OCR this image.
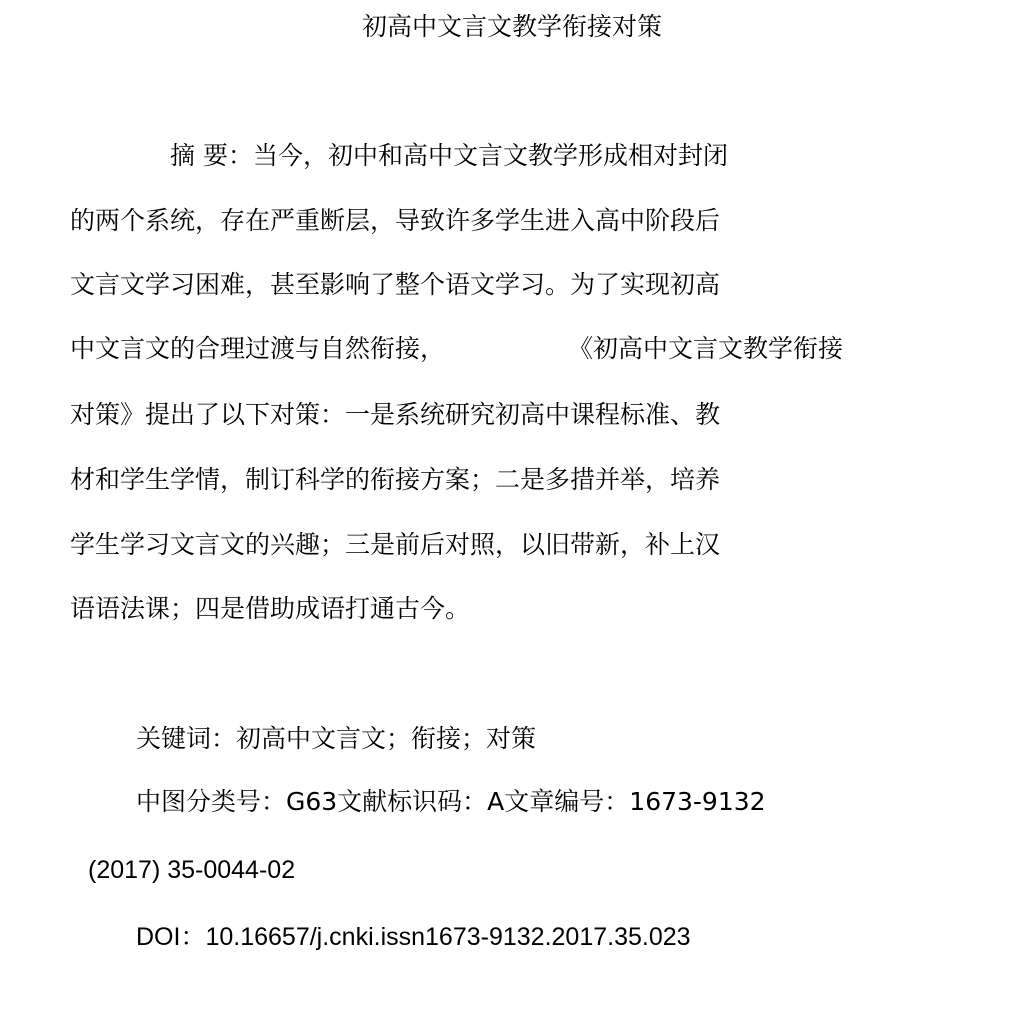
初高中文言文教学衔接对策
摘 要：当今，初中和高中文言文教学形成相对封闭
的两个系统，存在严重断层，导致许多学生进入高中阶段后
文言文学习困难，甚至影响了整个语文学习。为了实现初高
中文言文的合理过渡与自然衔接，	《初高中文言文教学衔接
对策》提出了以下对策：一是系统研究初高中课程标准、教
材和学生学情，制订科学的衔接方案；二是多措并举，培养
学生学习文言文的兴趣；三是前后对照，以旧带新，补上汉
语语法课；四是借助成语打通古今。
关键词：初高中文言文；衔接；对策
中图分类号：G63文献标识码：A文章编号：1673-9132
(2017) 35-0044-02
DOI：10.16657/j.cnki.issn1673-9132.2017.35.023
